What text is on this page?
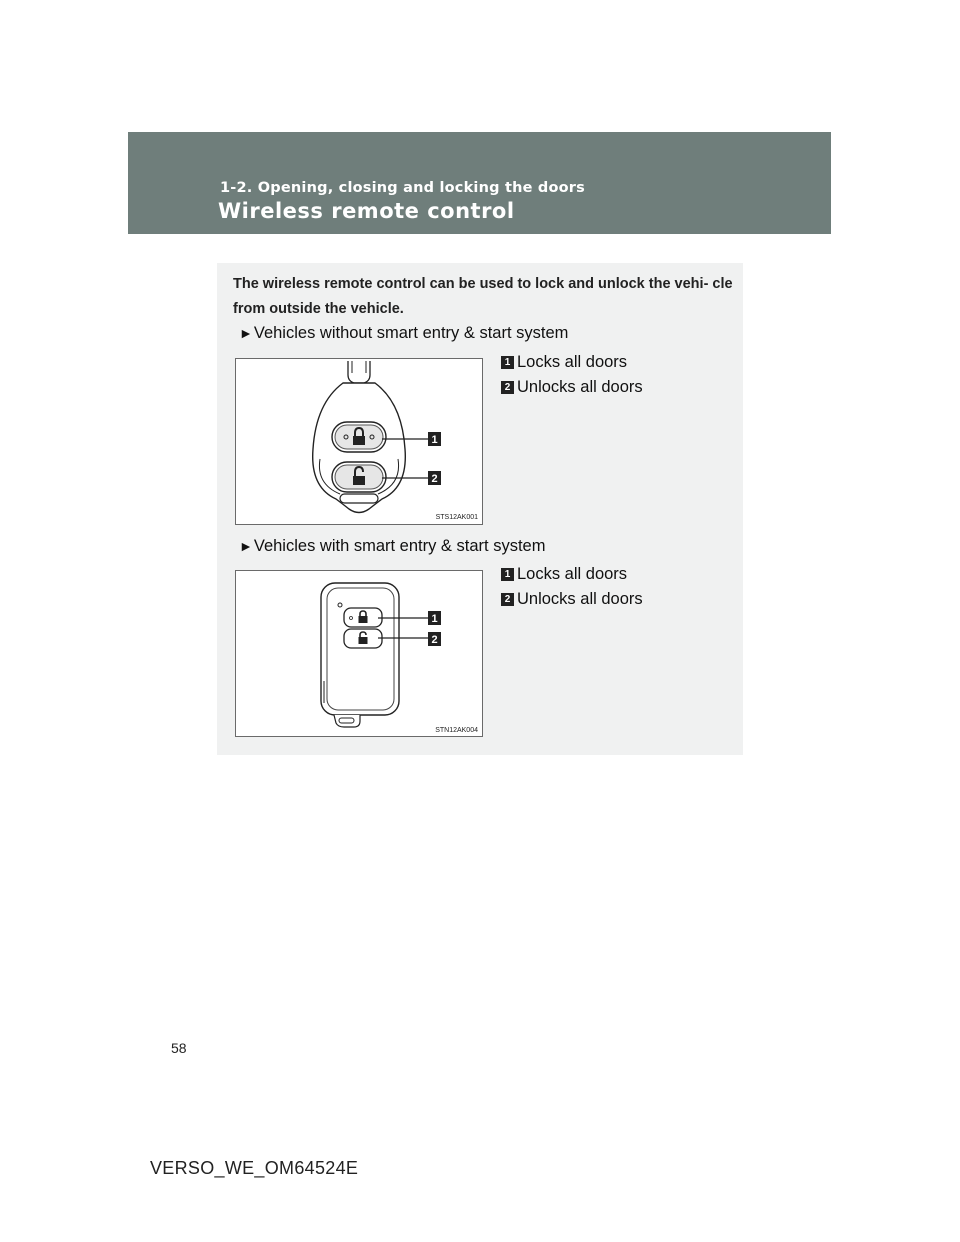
1-2. Opening, closing and locking the doors
Wireless remote control
The wireless remote control can be used to lock and unlock the vehi- cle from outside the vehicle.
►Vehicles without smart entry & start system
1
2
STS12AK001
1 Locks all doors
2 Unlocks all doors
►Vehicles with smart entry & start system
1
2
STN12AK004
1 Locks all doors
2 Unlocks all doors
58
VERSO_WE_OM64524E
